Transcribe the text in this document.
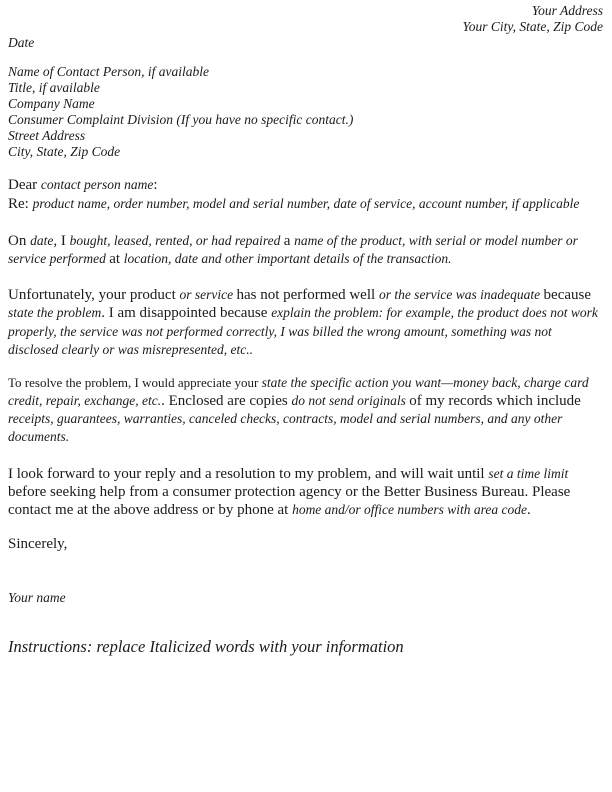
Your Address
Your City, State, Zip Code
Date
Name of Contact Person, if available
Title, if available
Company Name
Consumer Complaint Division (If you have no specific contact.)
Street Address
City, State, Zip Code

Dear contact person name:

Re: product name, order number, model and serial number, date of service, account number, if applicable

On date, I bought, leased, rented, or had repaired a name of the product, with serial or model number or service performed at location, date and other important details of the transaction.

Unfortunately, your product or service has not performed well or the service was inadequate because state the problem. I am disappointed because explain the problem: for example, the product does not work properly, the service was not performed correctly, I was billed the wrong amount, something was not disclosed clearly or was misrepresented, etc..

To resolve the problem, I would appreciate your state the specific action you want—money back, charge card credit, repair, exchange, etc.. Enclosed are copies do not send originals of my records which include receipts, guarantees, warranties, canceled checks, contracts, model and serial numbers, and any other documents.

I look forward to your reply and a resolution to my problem, and will wait until set a time limit before seeking help from a consumer protection agency or the Better Business Bureau. Please contact me at the above address or by phone at home and/or office numbers with area code.

Sincerely,

Your name

Instructions: replace Italicized words with your information
